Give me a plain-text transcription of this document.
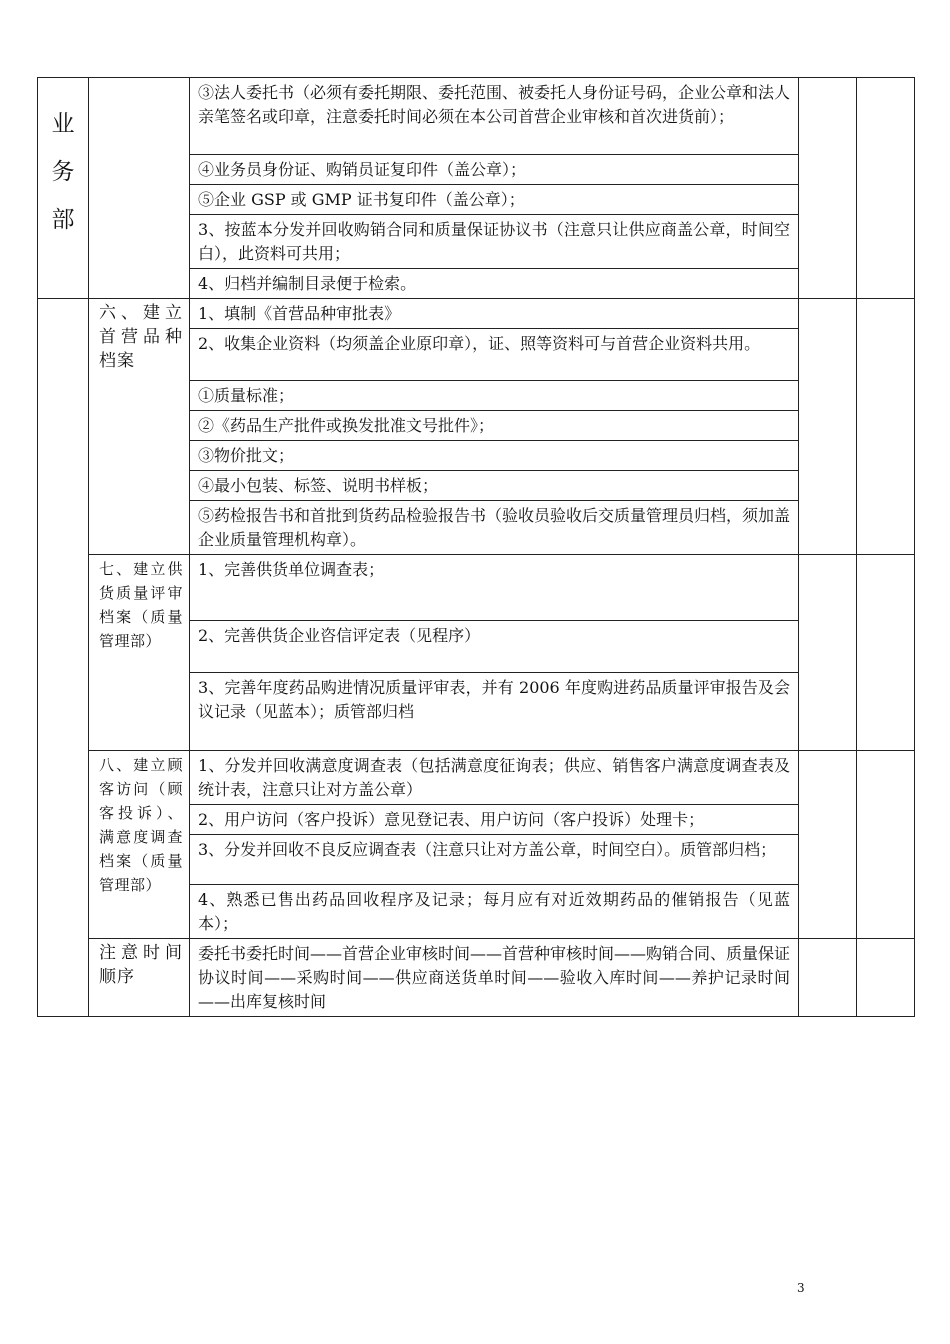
业
务
部		③法人委托书（必须有委托期限、委托范围、被委托人身份证号码，企业公章和法人亲笔签名或印章，注意委托时间必须在本公司首营企业审核和首次进货前）；		
		④业务员身份证、购销员证复印件（盖公章）；		
		⑤企业 GSP 或 GMP 证书复印件（盖公章）；		
		3、按蓝本分发并回收购销合同和质量保证协议书（注意只让供应商盖公章，时间空白），此资料可共用；		
		4、归档并编制目录便于检索。		
	六、建立首营品种档案	1、填制《首营品种审批表》		
		2、收集企业资料（均须盖企业原印章），证、照等资料可与首营企业资料共用。		
		①质量标准；		
		②《药品生产批件或换发批准文号批件》；		
		③物价批文；		
		④最小包装、标签、说明书样板；		
		⑤药检报告书和首批到货药品检验报告书（验收员验收后交质量管理员归档，须加盖企业质量管理机构章）。		
	七、建立供货质量评审档案（质量管理部）	1、完善供货单位调查表；		
		2、完善供货企业咨信评定表（见程序）		
		3、完善年度药品购进情况质量评审表，并有 2006 年度购进药品质量评审报告及会议记录（见蓝本）；质管部归档		
	八、建立顾客访问（顾客投诉）、满意度调查档案（质量管理部）	1、分发并回收满意度调查表（包括满意度征询表；供应、销售客户满意度调查表及统计表，注意只让对方盖公章）		
		2、用户访问（客户投诉）意见登记表、用户访问（客户投诉）处理卡；		
		3、分发并回收不良反应调查表（注意只让对方盖公章，时间空白）。质管部归档；		
		4、熟悉已售出药品回收程序及记录；每月应有对近效期药品的催销报告（见蓝本）；		
	注意时间顺序	委托书委托时间——首营企业审核时间——首营种审核时间——购销合同、质量保证协议时间——采购时间——供应商送货单时间——验收入库时间——养护记录时间——出库复核时间		
3
